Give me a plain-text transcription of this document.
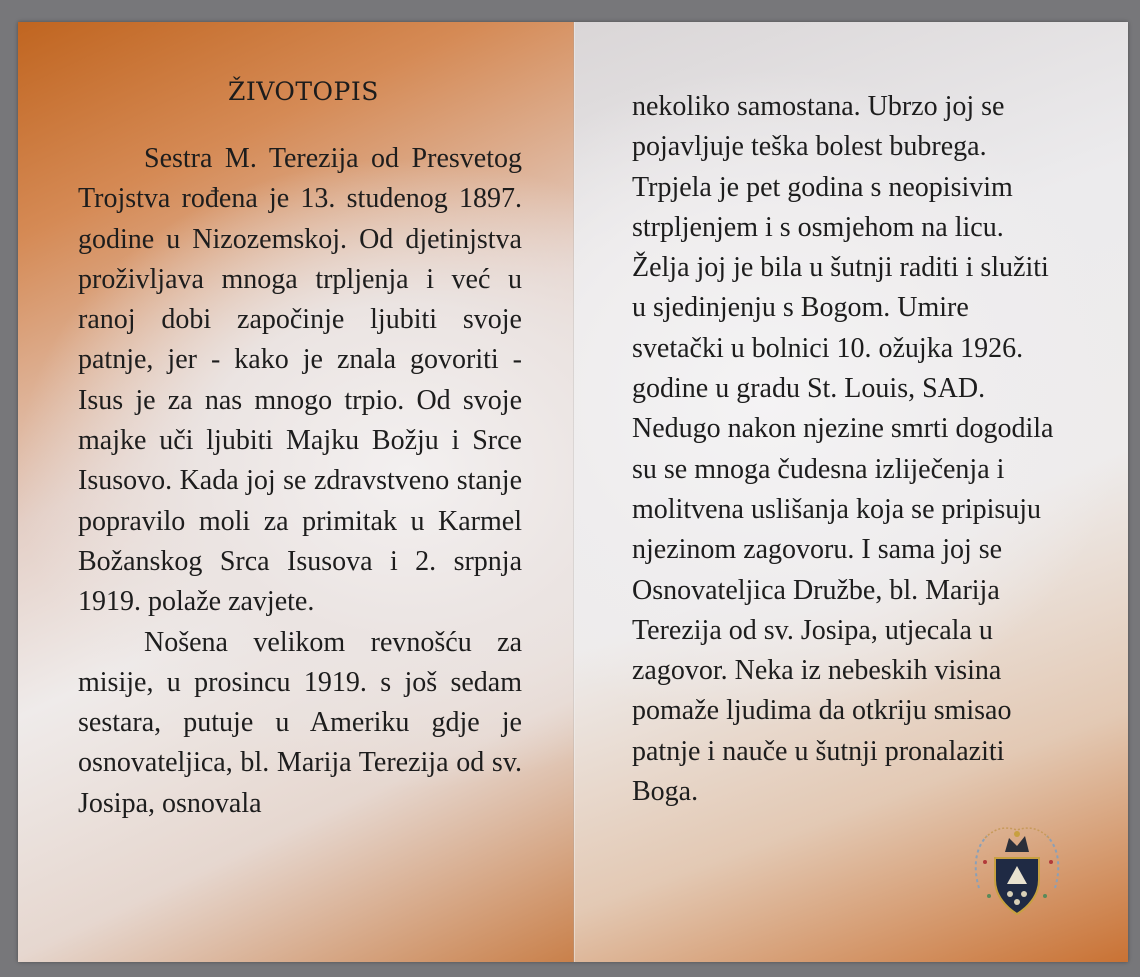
ŽIVOTOPIS

Sestra M. Terezija od Presvetog Trojstva rođena je 13. studenog 1897. godine u Nizozemskoj. Od djetinjstva proživljava mnoga trpljenja i već u ranoj dobi započinje ljubiti svoje patnje, jer - kako je znala govoriti - Isus je za nas mnogo trpio. Od svoje majke uči ljubiti Majku Božju i Srce Isusovo. Kada joj se zdravstveno stanje popravilo moli za primitak u Karmel Božanskog Srca Isusova i 2. srpnja 1919. polaže zavjete.

Nošena velikom revnošću za misije, u prosincu 1919. s još sedam sestara, putuje u Ameriku gdje je osnovateljica, bl. Marija Terezija od sv. Josipa, osnovala

nekoliko samostana. Ubrzo joj se pojavljuje teška bolest bubrega. Trpjela je pet godina s neopisivim strpljenjem i s osmjehom na licu. Želja joj je bila u šutnji raditi i služiti u sjedinjenju s Bogom. Umire svetački u bolnici 10. ožujka 1926. godine u gradu St. Louis, SAD. Nedugo nakon njezine smrti dogodila su se mnoga čudesna izliječenja i molitvena uslišanja koja se pripisuju njezinom zagovoru. I sama joj se Osnovateljica Družbe, bl. Marija Terezija od sv. Josipa, utjecala u zagovor. Neka iz nebeskih visina pomaže ljudima da otkriju smisao patnje i nauče u šutnji pronalaziti Boga.
